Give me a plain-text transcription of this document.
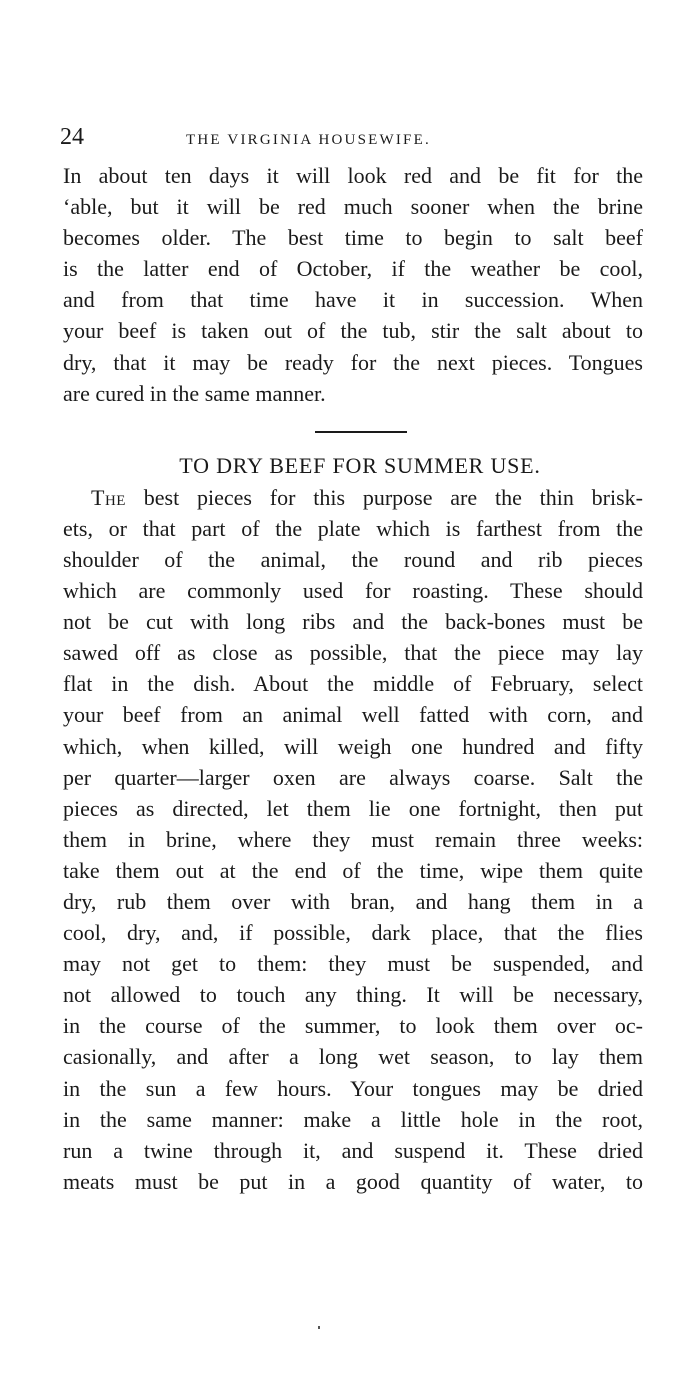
24	THE VIRGINIA HOUSEWIFE.
In about ten days it will look red and be fit for the
‘able, but it will be red much sooner when the brine
becomes older. The best time to begin to salt beef
is the latter end of October, if the weather be cool,
and from that time have it in succession. When
your beef is taken out of the tub, stir the salt about to
dry, that it may be ready for the next pieces. Tongues
are cured in the same manner.
TO DRY BEEF FOR SUMMER USE.
The best pieces for this purpose are the thin brisk-
ets, or that part of the plate which is farthest from the
shoulder of the animal, the round and rib pieces
which are commonly used for roasting. These should
not be cut with long ribs and the back-bones must be
sawed off as close as possible, that the piece may lay
flat in the dish. About the middle of February, select
your beef from an animal well fatted with corn, and
which, when killed, will weigh one hundred and fifty
per quarter—larger oxen are always coarse. Salt the
pieces as directed, let them lie one fortnight, then put
them in brine, where they must remain three weeks:
take them out at the end of the time, wipe them quite
dry, rub them over with bran, and hang them in a
cool, dry, and, if possible, dark place, that the flies
may not get to them: they must be suspended, and
not allowed to touch any thing. It will be necessary,
in the course of the summer, to look them over oc-
casionally, and after a long wet season, to lay them
in the sun a few hours. Your tongues may be dried
in the same manner: make a little hole in the root,
run a twine through it, and suspend it. These dried
meats must be put in a good quantity of water, to
